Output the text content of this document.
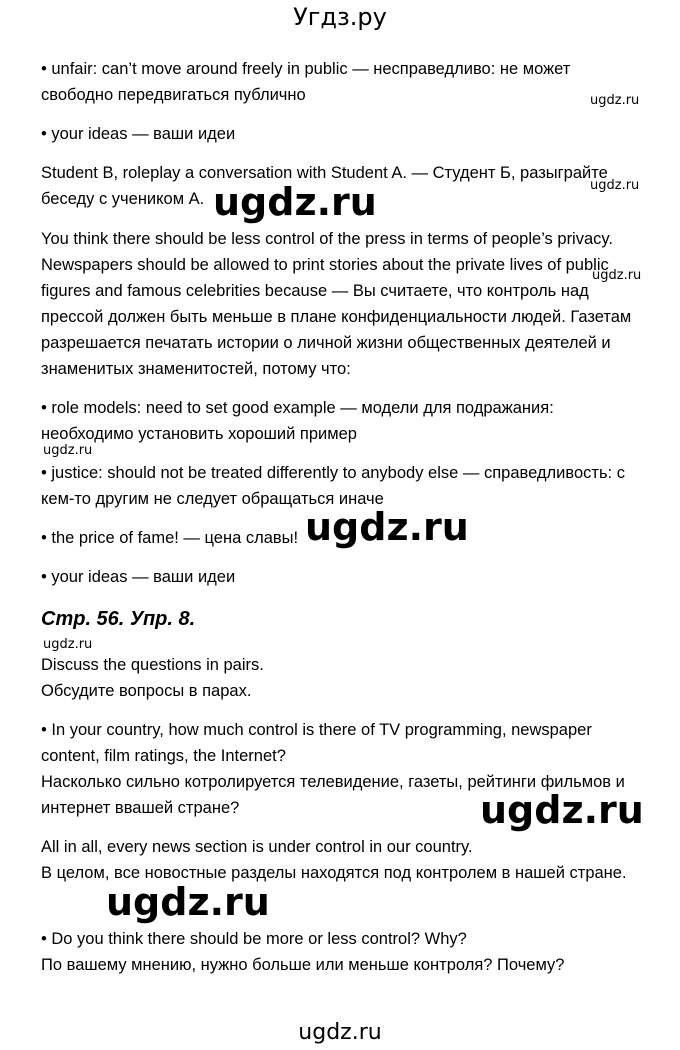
Угдз.ру
• unfair: can’t move around freely in public — несправедливо: не может
свободно передвигаться публично
• your ideas — ваши идеи
Student B, roleplay a conversation with Student A. — Студент Б, разыграйте
беседу с учеником А.
You think there should be less control of the press in terms of people’s privacy.
Newspapers should be allowed to print stories about the private lives of public
figures and famous celebrities because — Вы считаете, что контроль над
прессой должен быть меньше в плане конфиденциальности людей. Газетам
разрешается печатать истории о личной жизни общественных деятелей и
знаменитых знаменитостей, потому что:
• role models: need to set good example — модели для подражания:
необходимо установить хороший пример
• justice: should not be treated differently to anybody else — справедливость: с
кем-то другим не следует обращаться иначе
• the price of fame! — цена славы!
• your ideas — ваши идеи
Стр. 56. Упр. 8.
Discuss the questions in pairs.
Обсудите вопросы в парах.
• In your country, how much control is there of TV programming, newspaper
content, film ratings, the Internet?
Насколько сильно котролируется телевидение, газеты, рейтинги фильмов и
интернет ввашей стране?
All in all, every news section is under control in our country.
В целом, все новостные разделы находятся под контролем в нашей стране.
• Do you think there should be more or less control? Why?
По вашему мнению, нужно больше или меньше контроля? Почему?
ugdz.ru
ugdz.ru
ugdz.ru
ugdz.ru
ugdz.ru
ugdz.ru
ugdz.ru
ugdz.ru
ugdz.ru
ugdz.ru
